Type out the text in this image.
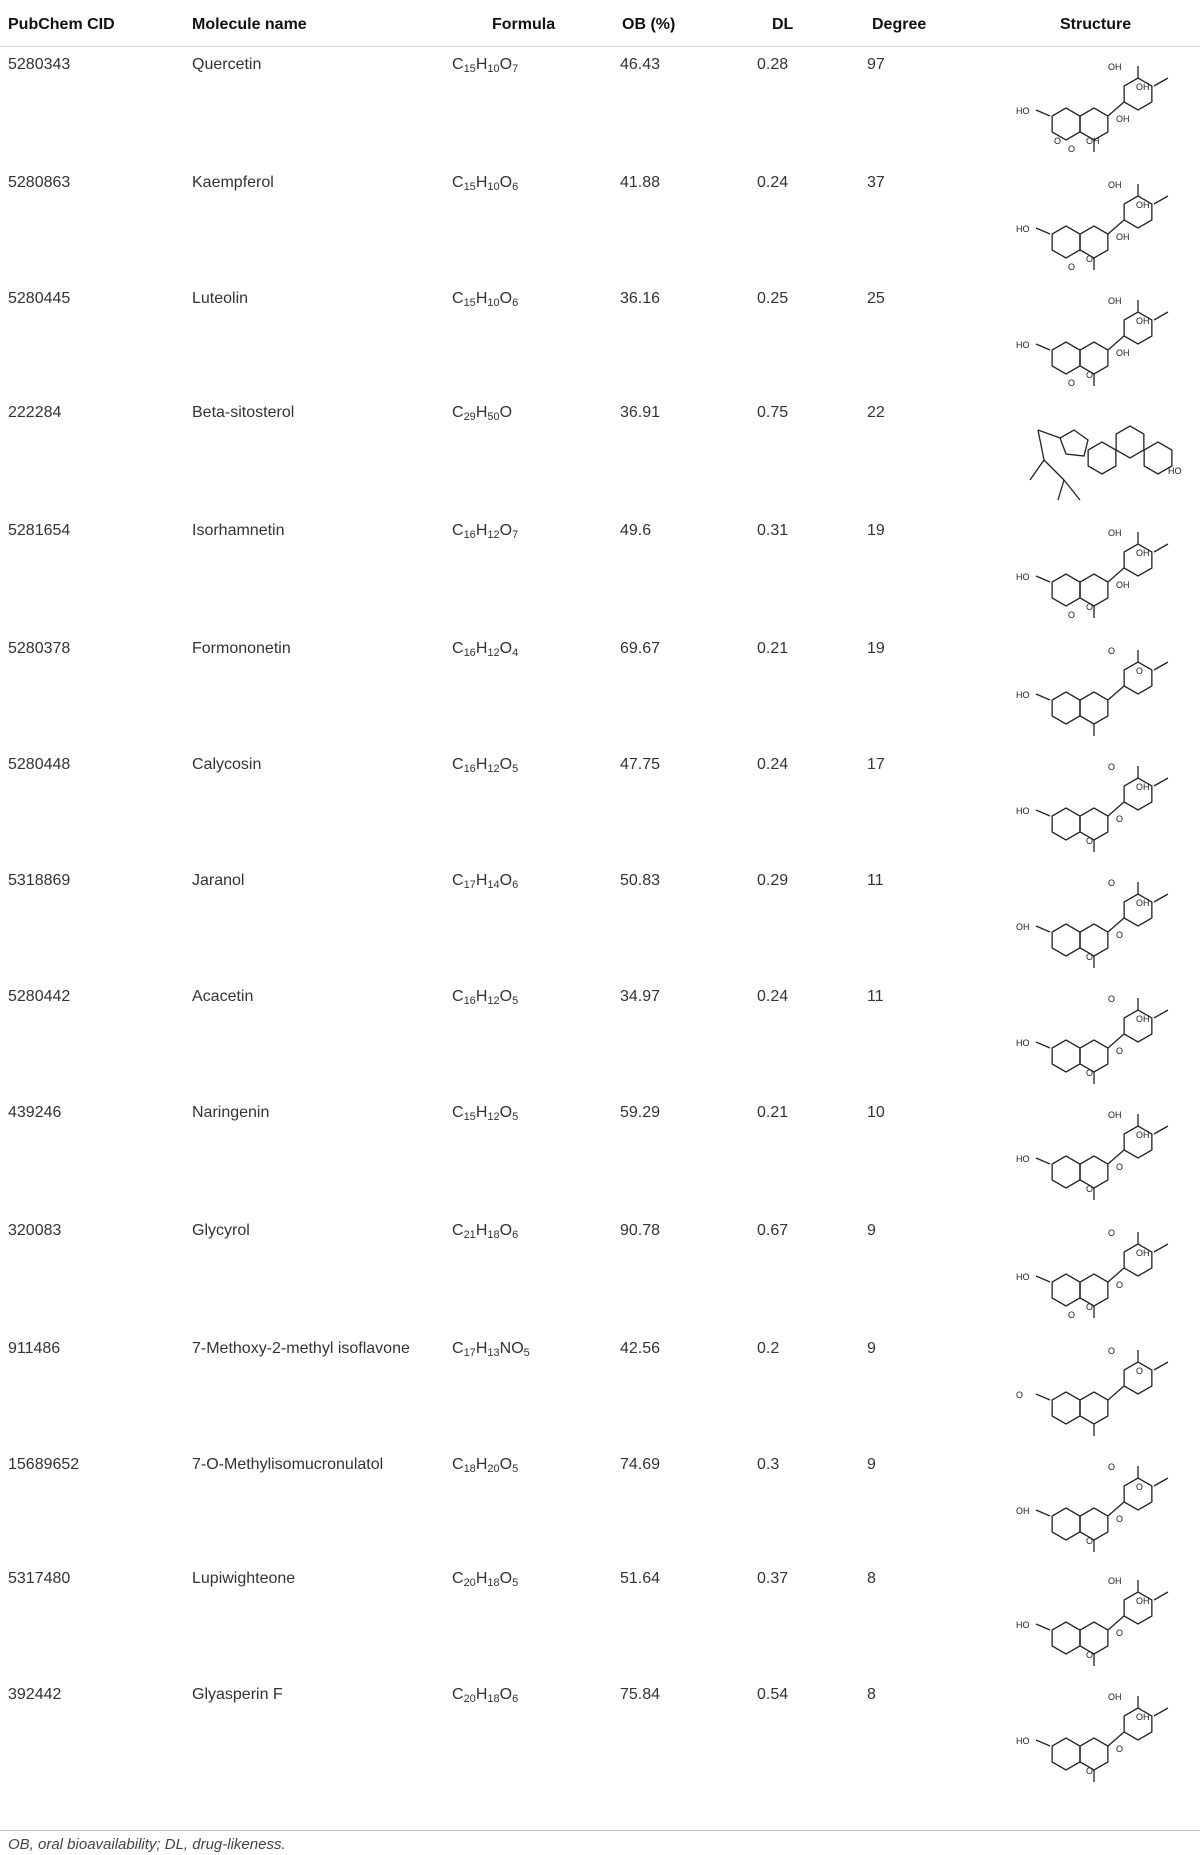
PubChem CID	Molecule name	Formula	OB (%)	DL	Degree	Structure
5280343	Quercetin	$C_{15}H_{10}O_7$	46.43	0.28	97
HO
OH
OH
OH
OH
O
O
5280863	Kaempferol	$C_{15}H_{10}O_6$	41.88	0.24	37
HO
OH
OH
OH
O
O
5280445	Luteolin	$C_{15}H_{10}O_6$	36.16	0.25	25
HO
OH
OH
OH
O
O
222284	Beta-sitosterol	$C_{29}H_{50}O$	36.91	0.75	22
HO
5281654	Isorhamnetin	$C_{16}H_{12}O_7$	49.6	0.31	19
HO
OH
OH
OH
O
O
5280378	Formononetin	$C_{16}H_{12}O_4$	69.67	0.21	19
HO
O
O
5280448	Calycosin	$C_{16}H_{12}O_5$	47.75	0.24	17
HO
OH
O
O
O
5318869	Jaranol	$C_{17}H_{14}O_6$	50.83	0.29	11
OH
OH
O
O
O
5280442	Acacetin	$C_{16}H_{12}O_5$	34.97	0.24	11
HO
OH
O
O
O
439246	Naringenin	$C_{15}H_{12}O_5$	59.29	0.21	10
HO
OH
OH
O
O
320083	Glycyrol	$C_{21}H_{18}O_6$	90.78	0.67	9
HO
OH
O
O
O
O
911486	7-Methoxy-2-methyl isoflavone	$C_{17}H_{13}NO_5$	42.56	0.2	9
O
O
O
15689652	7-O-Methylisomucronulatol	$C_{18}H_{20}O_5$	74.69	0.3	9
OH
O
O
O
O
5317480	Lupiwighteone	$C_{20}H_{18}O_5$	51.64	0.37	8
HO
OH
OH
O
O
392442	Glyasperin F	$C_{20}H_{18}O_6$	75.84	0.54	8
HO
OH
OH
O
O
OB, oral bioavailability; DL, drug-likeness.
